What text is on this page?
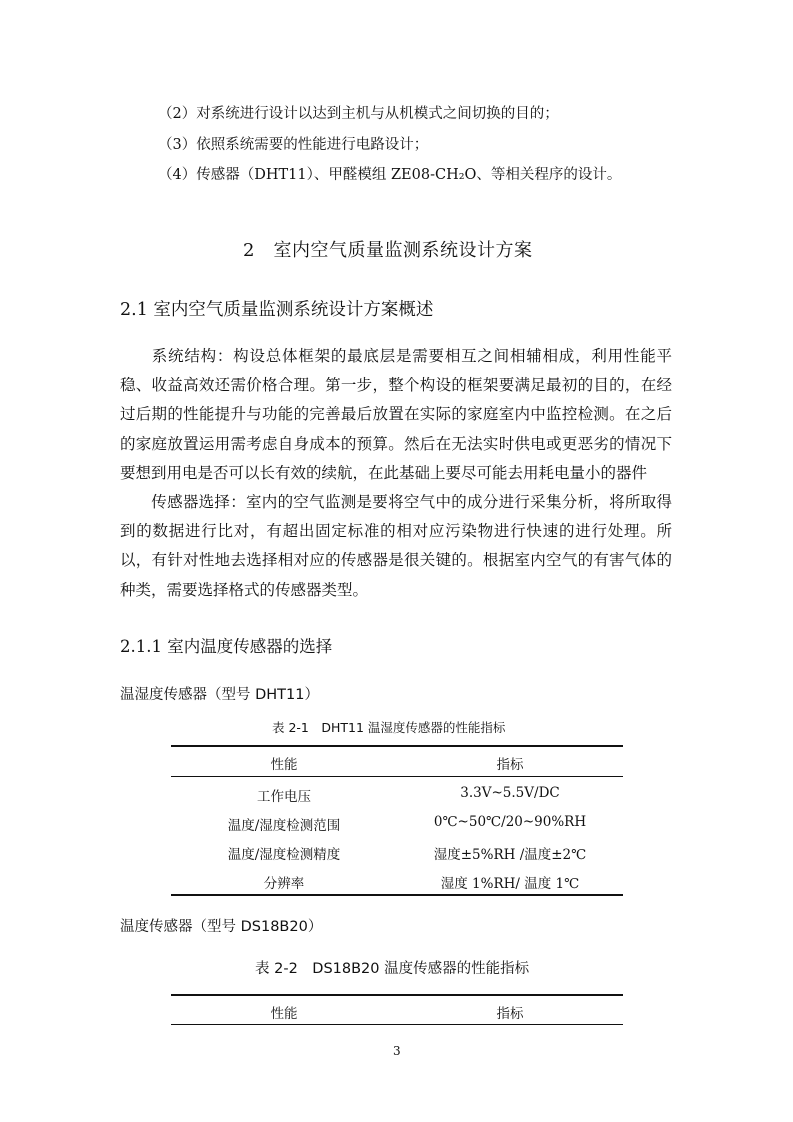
（2）对系统进行设计以达到主机与从机模式之间切换的目的；
（3）依照系统需要的性能进行电路设计；
（4）传感器（DHT11）、甲醛模组 ZE08-CH₂O、等相关程序的设计。
2　室内空气质量监测系统设计方案
2.1 室内空气质量监测系统设计方案概述
系统结构：构设总体框架的最底层是需要相互之间相辅相成，利用性能平稳、收益高效还需价格合理。第一步，整个构设的框架要满足最初的目的，在经过后期的性能提升与功能的完善最后放置在实际的家庭室内中监控检测。在之后的家庭放置运用需考虑自身成本的预算。然后在无法实时供电或更恶劣的情况下要想到用电是否可以长有效的续航，在此基础上要尽可能去用耗电量小的器件
传感器选择：室内的空气监测是要将空气中的成分进行采集分析，将所取得到的数据进行比对，有超出固定标准的相对应污染物进行快速的进行处理。所以，有针对性地去选择相对应的传感器是很关键的。根据室内空气的有害气体的种类，需要选择格式的传感器类型。
2.1.1 室内温度传感器的选择
温湿度传感器（型号 DHT11）
表 2-1　DHT11 温湿度传感器的性能指标
性能	指标
工作电压	3.3V~5.5V/DC
温度/湿度检测范围	0℃~50℃/20~90%RH
温度/湿度检测精度	湿度±5%RH /温度±2℃
分辨率	湿度 1%RH/ 温度 1℃
温度传感器（型号 DS18B20）
表 2-2　DS18B20 温度传感器的性能指标
性能	指标
3
